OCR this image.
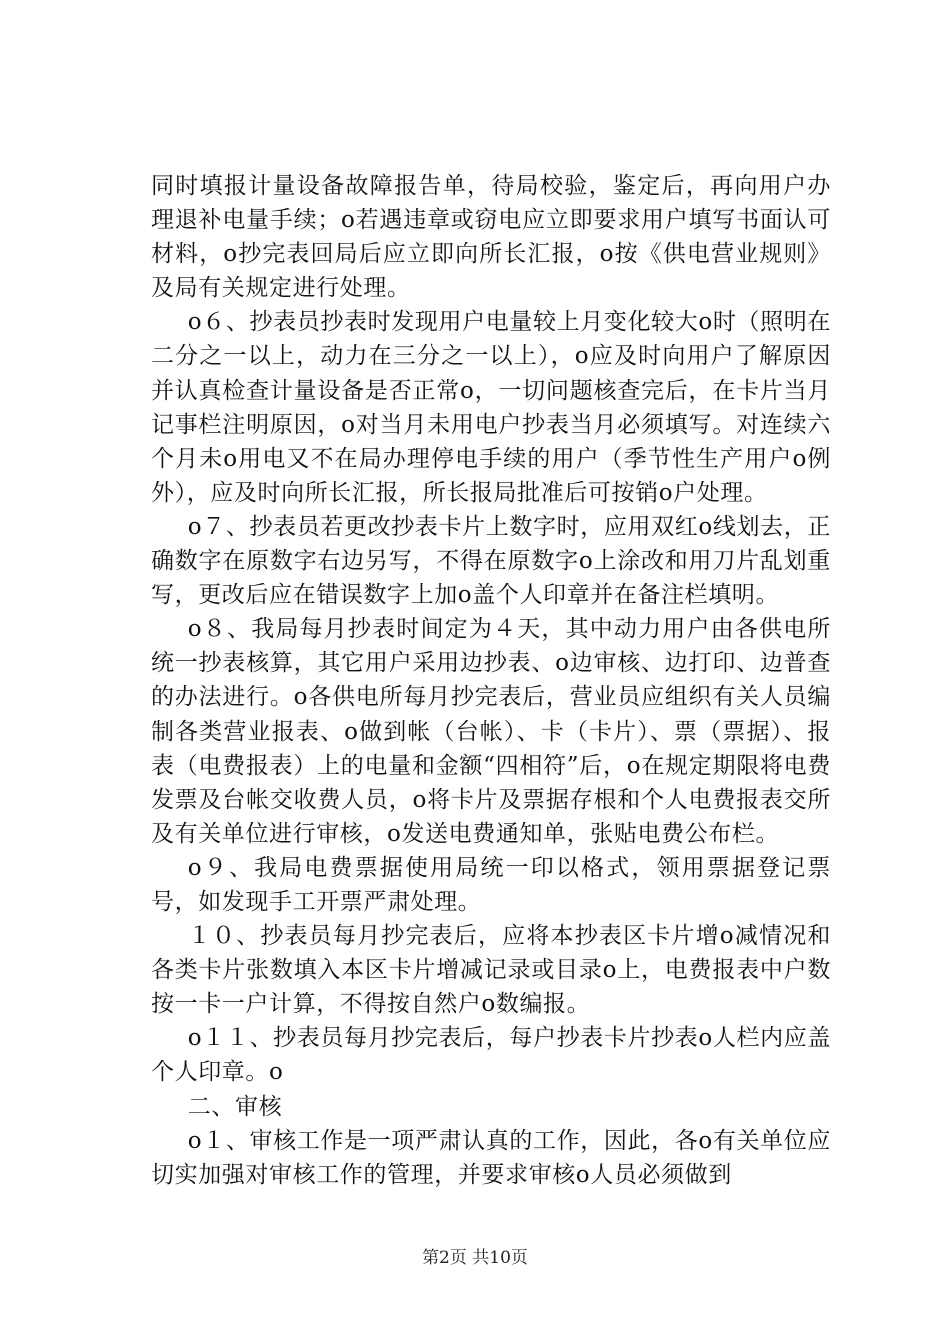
同时填报计量设备故障报告单，待局校验，鉴定后，再向用户办理退补电量手续；o若遇违章或窃电应立即要求用户填写书面认可材料，o抄完表回局后应立即向所长汇报，o按《供电营业规则》及局有关规定进行处理。

o６、抄表员抄表时发现用户电量较上月变化较大o时（照明在二分之一以上，动力在三分之一以上），o应及时向用户了解原因并认真检查计量设备是否正常o，一切问题核查完后，在卡片当月记事栏注明原因，o对当月未用电户抄表当月必须填写。对连续六个月未o用电又不在局办理停电手续的用户（季节性生产用户o例外），应及时向所长汇报，所长报局批准后可按销o户处理。

o７、抄表员若更改抄表卡片上数字时，应用双红o线划去，正确数字在原数字右边另写，不得在原数字o上涂改和用刀片乱划重写，更改后应在错误数字上加o盖个人印章并在备注栏填明。

o８、我局每月抄表时间定为４天，其中动力用户由各供电所统一抄表核算，其它用户采用边抄表、o边审核、边打印、边普查的办法进行。o各供电所每月抄完表后，营业员应组织有关人员编制各类营业报表、o做到帐（台帐）、卡（卡片）、票（票据）、报表（电费报表）上的电量和金额“四相符”后，o在规定期限将电费发票及台帐交收费人员，o将卡片及票据存根和个人电费报表交所及有关单位进行审核，o发送电费通知单，张贴电费公布栏。

o９、我局电费票据使用局统一印以格式，领用票据登记票号，如发现手工开票严肃处理。

１０、抄表员每月抄完表后，应将本抄表区卡片增o减情况和各类卡片张数填入本区卡片增减记录或目录o上，电费报表中户数按一卡一户计算，不得按自然户o数编报。

o１１、抄表员每月抄完表后，每户抄表卡片抄表o人栏内应盖个人印章。o

二、审核

o１、审核工作是一项严肃认真的工作，因此，各o有关单位应切实加强对审核工作的管理，并要求审核o人员必须做到

第2页 共10页
